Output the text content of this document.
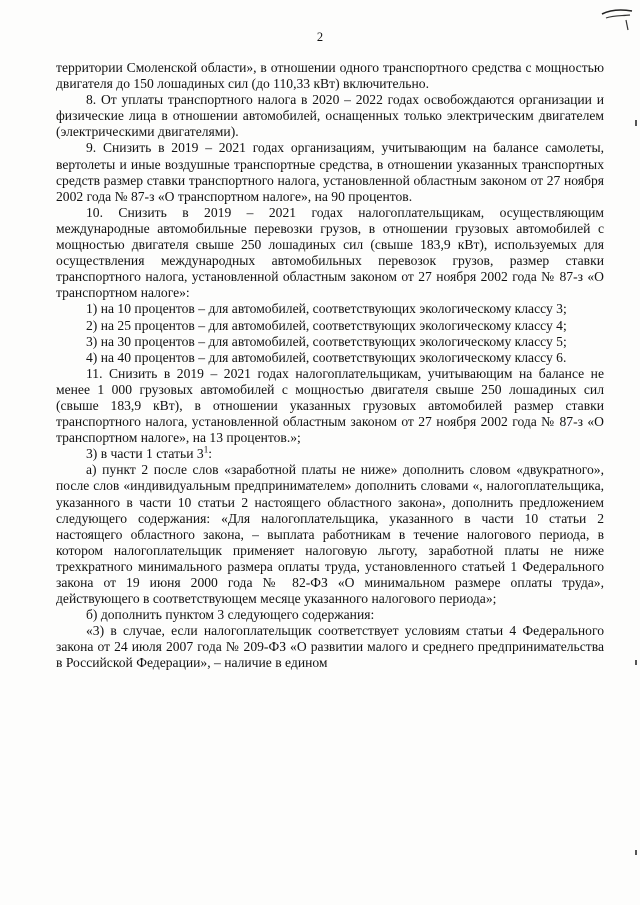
2

территории Смоленской области», в отношении одного транспортного средства с мощностью двигателя до 150 лошадиных сил (до 110,33 кВт) включительно.

8. От уплаты транспортного налога в 2020 – 2022 годах освобождаются организации и физические лица в отношении автомобилей, оснащенных только электрическим двигателем (электрическими двигателями).

9. Снизить в 2019 – 2021 годах организациям, учитывающим на балансе самолеты, вертолеты и иные воздушные транспортные средства, в отношении указанных транспортных средств размер ставки транспортного налога, установленной областным законом от 27 ноября 2002 года № 87-з «О транспортном налоге», на 90 процентов.

10. Снизить в 2019 – 2021 годах налогоплательщикам, осуществляющим международные автомобильные перевозки грузов, в отношении грузовых автомобилей с мощностью двигателя свыше 250 лошадиных сил (свыше 183,9 кВт), используемых для осуществления международных автомобильных перевозок грузов, размер ставки транспортного налога, установленной областным законом от 27 ноября 2002 года № 87-з «О транспортном налоге»:

1) на 10 процентов – для автомобилей, соответствующих экологическому классу 3;

2) на 25 процентов – для автомобилей, соответствующих экологическому классу 4;

3) на 30 процентов – для автомобилей, соответствующих экологическому классу 5;

4) на 40 процентов – для автомобилей, соответствующих экологическому классу 6.

11. Снизить в 2019 – 2021 годах налогоплательщикам, учитывающим на балансе не менее 1 000 грузовых автомобилей с мощностью двигателя свыше 250 лошадиных сил (свыше 183,9 кВт), в отношении указанных грузовых автомобилей размер ставки транспортного налога, установленной областным законом от 27 ноября 2002 года № 87-з «О транспортном налоге», на 13 процентов.»;

3) в части 1 статьи $3^1$:

а) пункт 2 после слов «заработной платы не ниже» дополнить словом «двукратного», после слов «индивидуальным предпринимателем» дополнить словами «, налогоплательщика, указанного в части 10 статьи 2 настоящего областного закона», дополнить предложением следующего содержания: «Для налогоплательщика, указанного в части 10 статьи 2 настоящего областного закона, – выплата работникам в течение налогового периода, в котором налогоплательщик применяет налоговую льготу, заработной платы не ниже трехкратного минимального размера оплаты труда, установленного статьей 1 Федерального закона от 19 июня 2000 года № 82-ФЗ «О минимальном размере оплаты труда», действующего в соответствующем месяце указанного налогового периода»;

б) дополнить пунктом 3 следующего содержания:

«3) в случае, если налогоплательщик соответствует условиям статьи 4 Федерального закона от 24 июля 2007 года № 209-ФЗ «О развитии малого и среднего предпринимательства в Российской Федерации», – наличие в едином
